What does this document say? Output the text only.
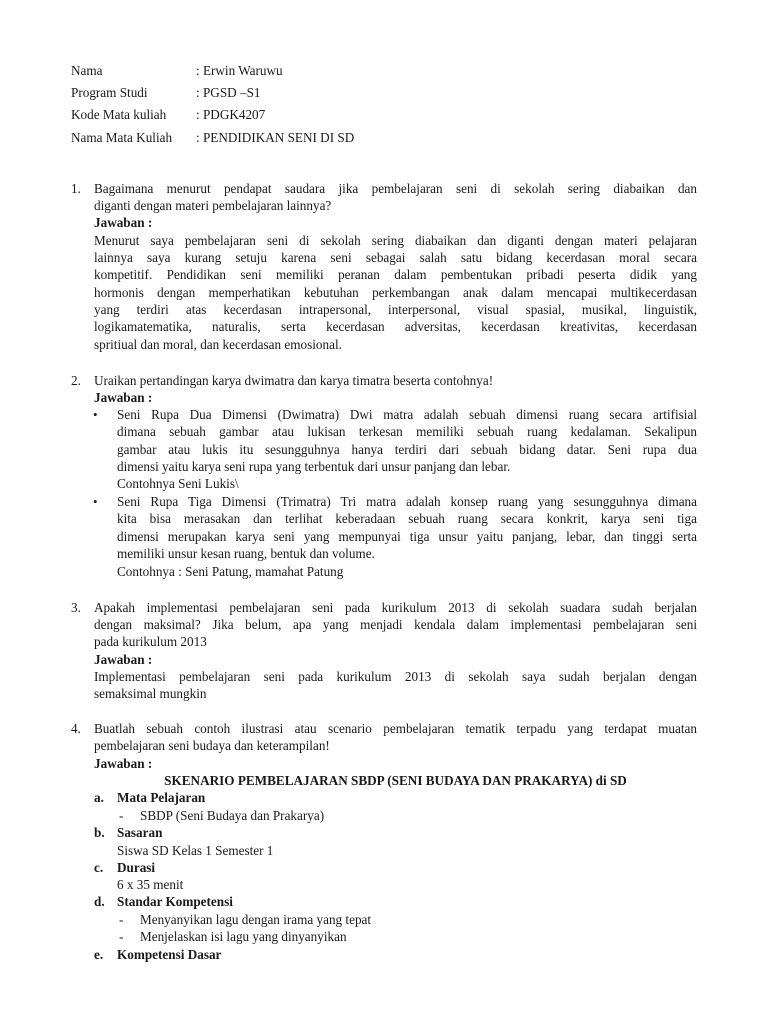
Nama	: Erwin Waruwu
Program Studi	: PGSD –S1
Kode Mata kuliah : PDGK4207
Nama Mata Kuliah : PENDIDIKAN SENI DI SD
1. Bagaimana menurut pendapat saudara jika pembelajaran seni di sekolah sering diabaikan dan
diganti dengan materi pembelajaran lainnya?
Jawaban :
Menurut saya pembelajaran seni di sekolah sering diabaikan dan diganti dengan materi pelajaran
lainnya saya kurang setuju karena seni sebagai salah satu bidang kecerdasan moral secara
kompetitif. Pendidikan seni memiliki peranan dalam pembentukan pribadi peserta didik yang
hormonis dengan memperhatikan kebutuhan perkembangan anak dalam mencapai multikecerdasan
yang terdiri atas kecerdasan intrapersonal, interpersonal, visual spasial, musikal, linguistik,
logikamatematika, naturalis, serta kecerdasan adversitas, kecerdasan kreativitas, kecerdasan
spritiual dan moral, dan kecerdasan emosional.
2. Uraikan pertandingan karya dwimatra dan karya timatra beserta contohnya!
Jawaban :
• Seni Rupa Dua Dimensi (Dwimatra) Dwi matra adalah sebuah dimensi ruang secara artifisial
dimana sebuah gambar atau lukisan terkesan memiliki sebuah ruang kedalaman. Sekalipun
gambar atau lukis itu sesungguhnya hanya terdiri dari sebuah bidang datar. Seni rupa dua
dimensi yaitu karya seni rupa yang terbentuk dari unsur panjang dan lebar.
Contohnya Seni Lukis\
• Seni Rupa Tiga Dimensi (Trimatra) Tri matra adalah konsep ruang yang sesungguhnya dimana
kita bisa merasakan dan terlihat keberadaan sebuah ruang secara konkrit, karya seni tiga
dimensi merupakan karya seni yang mempunyai tiga unsur yaitu panjang, lebar, dan tinggi serta
memiliki unsur kesan ruang, bentuk dan volume.
Contohnya : Seni Patung, mamahat Patung
3. Apakah implementasi pembelajaran seni pada kurikulum 2013 di sekolah suadara sudah berjalan
dengan maksimal? Jika belum, apa yang menjadi kendala dalam implementasi pembelajaran seni
pada kurikulum 2013
Jawaban :
Implementasi pembelajaran seni pada kurikulum 2013 di sekolah saya sudah berjalan dengan
semaksimal mungkin
4. Buatlah sebuah contoh ilustrasi atau scenario pembelajaran tematik terpadu yang terdapat muatan
pembelajaran seni budaya dan keterampilan!
Jawaban :
SKENARIO PEMBELAJARAN SBDP (SENI BUDAYA DAN PRAKARYA) di SD
a. Mata Pelajaran
- SBDP (Seni Budaya dan Prakarya)
b. Sasaran
Siswa SD Kelas 1 Semester 1
c. Durasi
6 x 35 menit
d. Standar Kompetensi
- Menyanyikan lagu dengan irama yang tepat
- Menjelaskan isi lagu yang dinyanyikan
e. Kompetensi Dasar
